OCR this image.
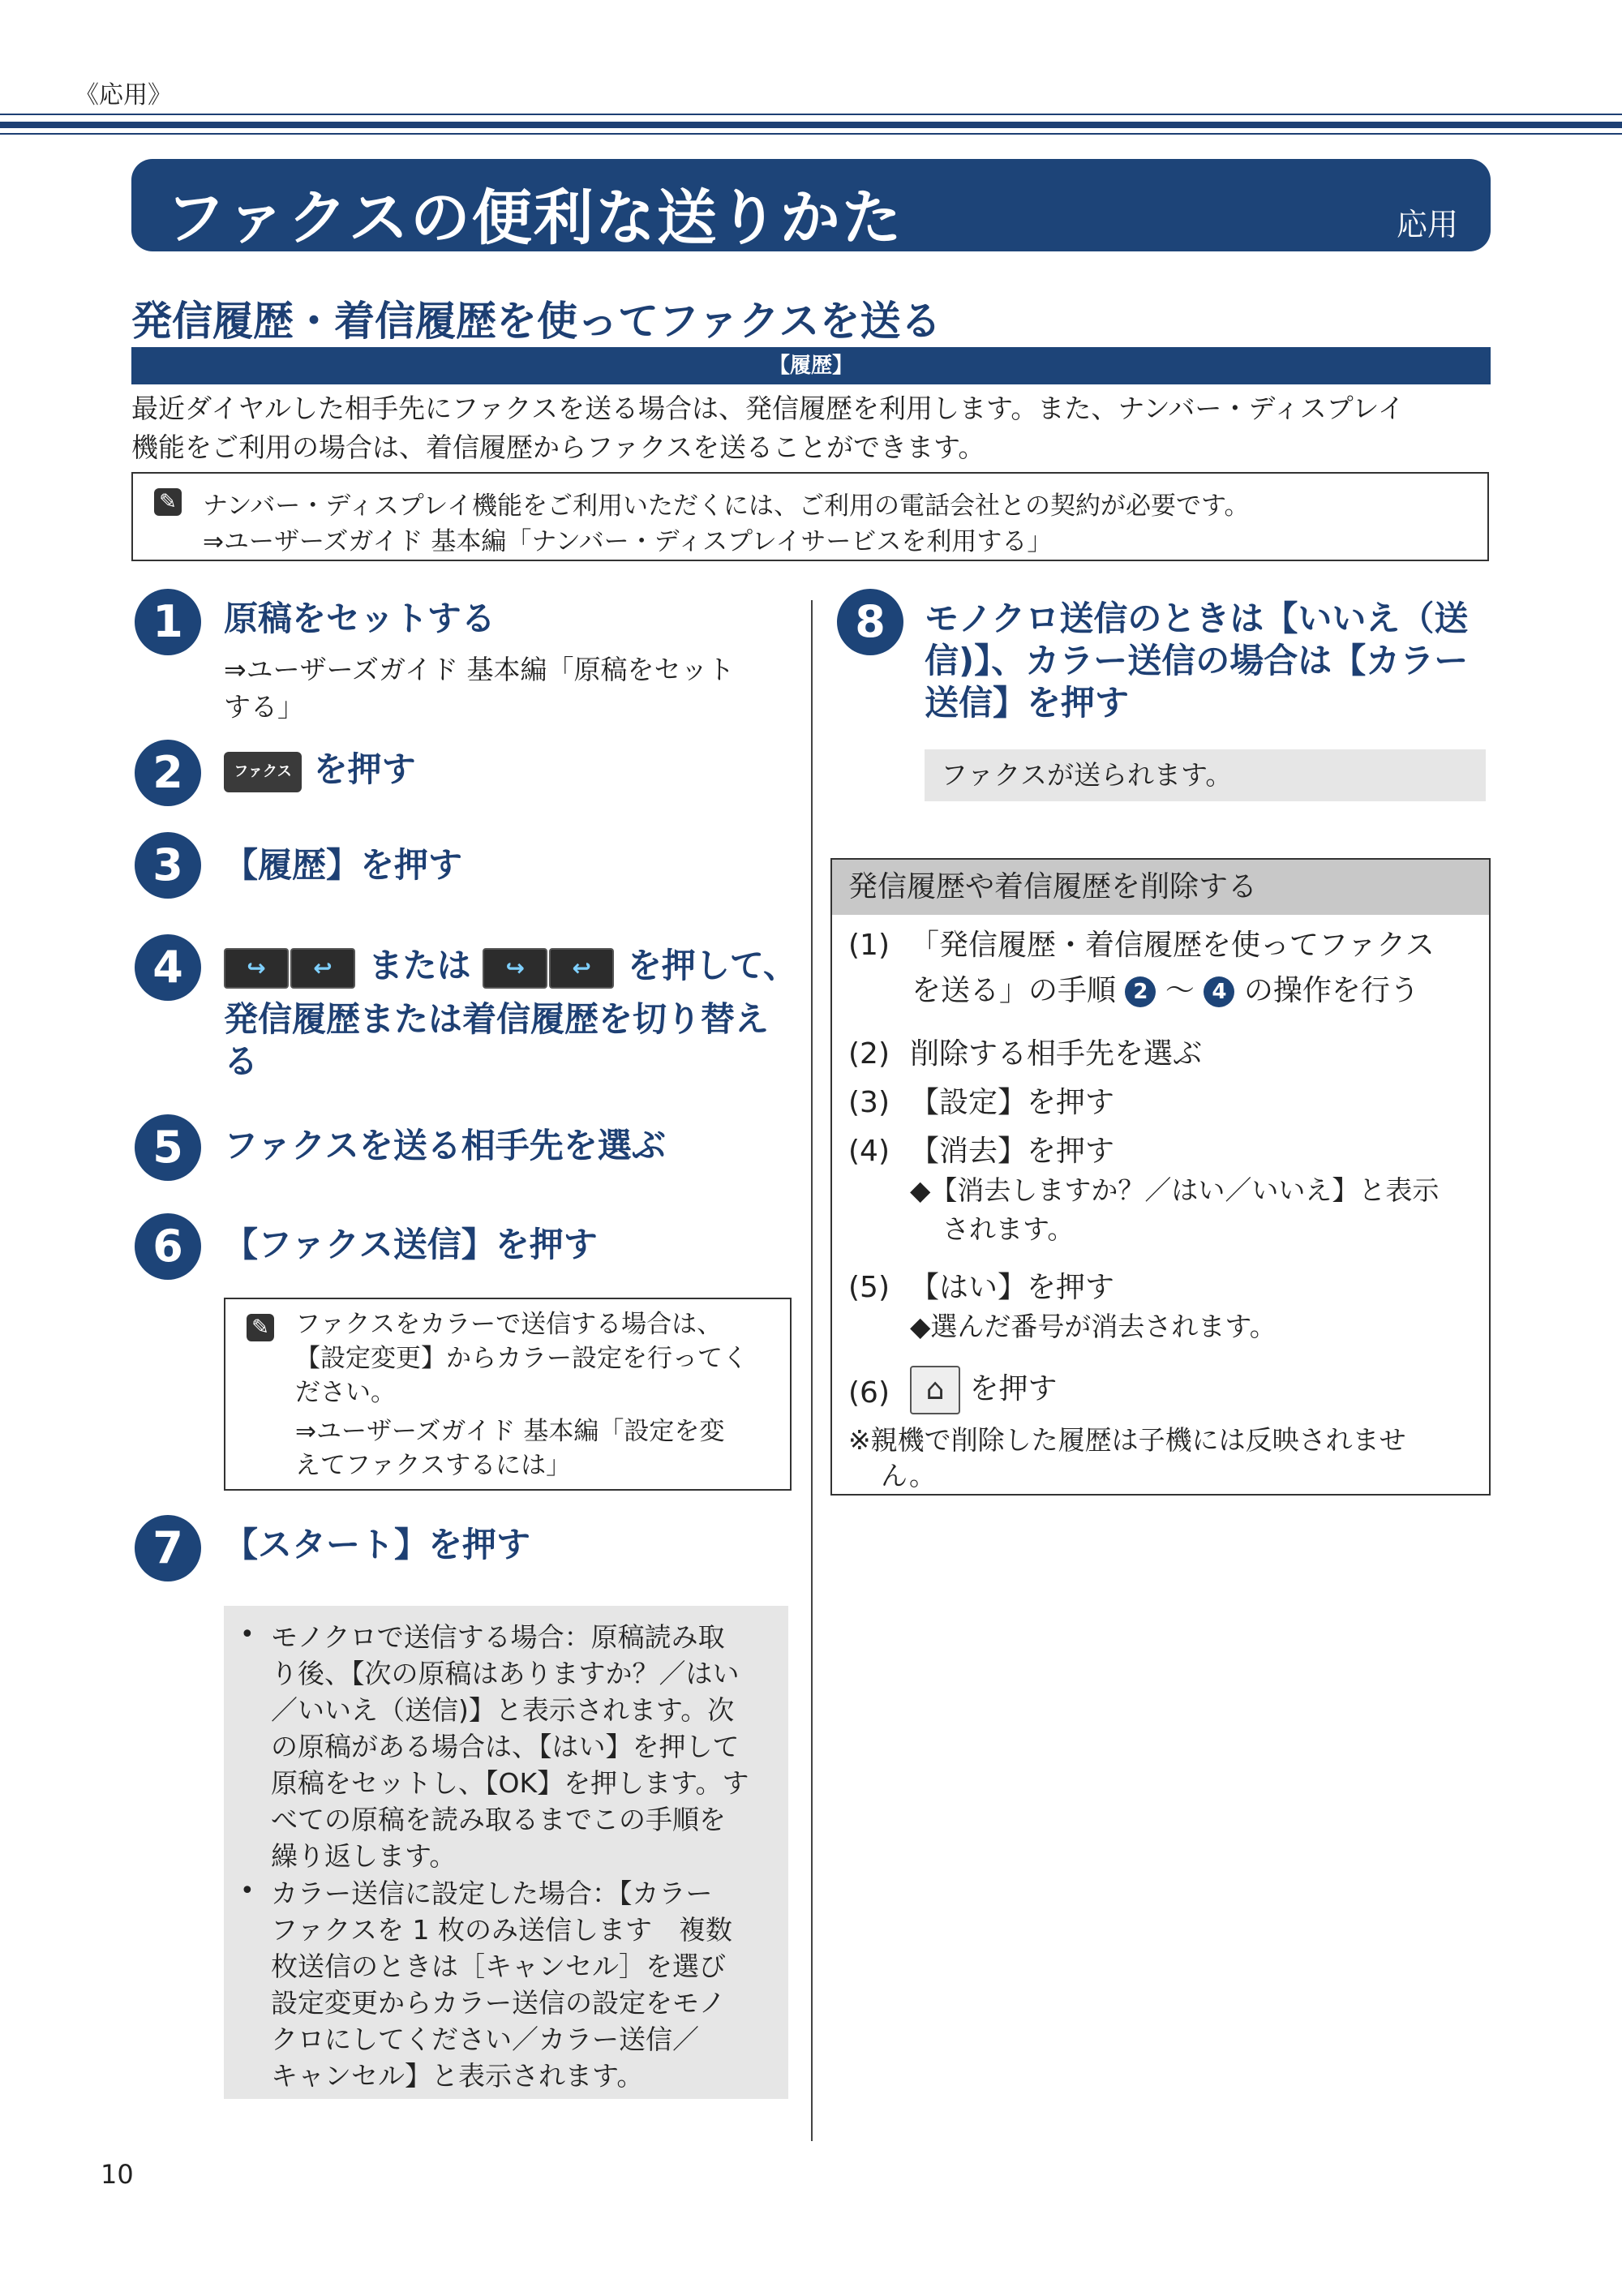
《応用》
ファクスの便利な送りかた	応用
発信履歴・着信履歴を使ってファクスを送る
【履歴】
最近ダイヤルした相手先にファクスを送る場合は、発信履歴を利用します。また、ナンバー・ディスプレイ
機能をご利用の場合は、着信履歴からファクスを送ることができます。
✎ ナンバー・ディスプレイ機能をご利用いただくには、ご利用の電話会社との契約が必要です。
⇒ユーザーズガイド 基本編「ナンバー・ディスプレイサービスを利用する」
1	原稿をセットする
⇒ユーザーズガイド 基本編「原稿をセット
する」
2	ファクス を押す
3	【履歴】を押す
4	↪ ↩ または ↪ ↩ を押して、
発信履歴または着信履歴を切り替え
る
5	ファクスを送る相手先を選ぶ
6	【ファクス送信】を押す
✎ ファクスをカラーで送信する場合は、
【設定変更】からカラー設定を行ってく
ださい。
⇒ユーザーズガイド 基本編「設定を変
えてファクスするには」
7	【スタート】を押す
• モノクロで送信する場合：原稿読み取
り後、【次の原稿はありますか？／はい
／いいえ（送信)】と表示されます。次
の原稿がある場合は、【はい】を押して
原稿をセットし、【OK】を押します。す
べての原稿を読み取るまでこの手順を
繰り返します。
• カラー送信に設定した場合：【カラー
ファクスを 1 枚のみ送信します　複数
枚送信のときは［キャンセル］を選び
設定変更からカラー送信の設定をモノ
クロにしてください／カラー送信／
キャンセル】と表示されます。
8	モノクロ送信のときは【いいえ（送
信)】、カラー送信の場合は【カラー
送信】を押す
ファクスが送られます。
発信履歴や着信履歴を削除する
(1) 「発信履歴・着信履歴を使ってファクス
を送る」の手順 2 〜 4 の操作を行う
(2) 削除する相手先を選ぶ
(3) 【設定】を押す
(4) 【消去】を押す
◆【消去しますか？／はい／いいえ】と表示
されます。
(5) 【はい】を押す
◆選んだ番号が消去されます。
(6)	⌂ を押す
※親機で削除した履歴は子機には反映されませ
ん。
10
